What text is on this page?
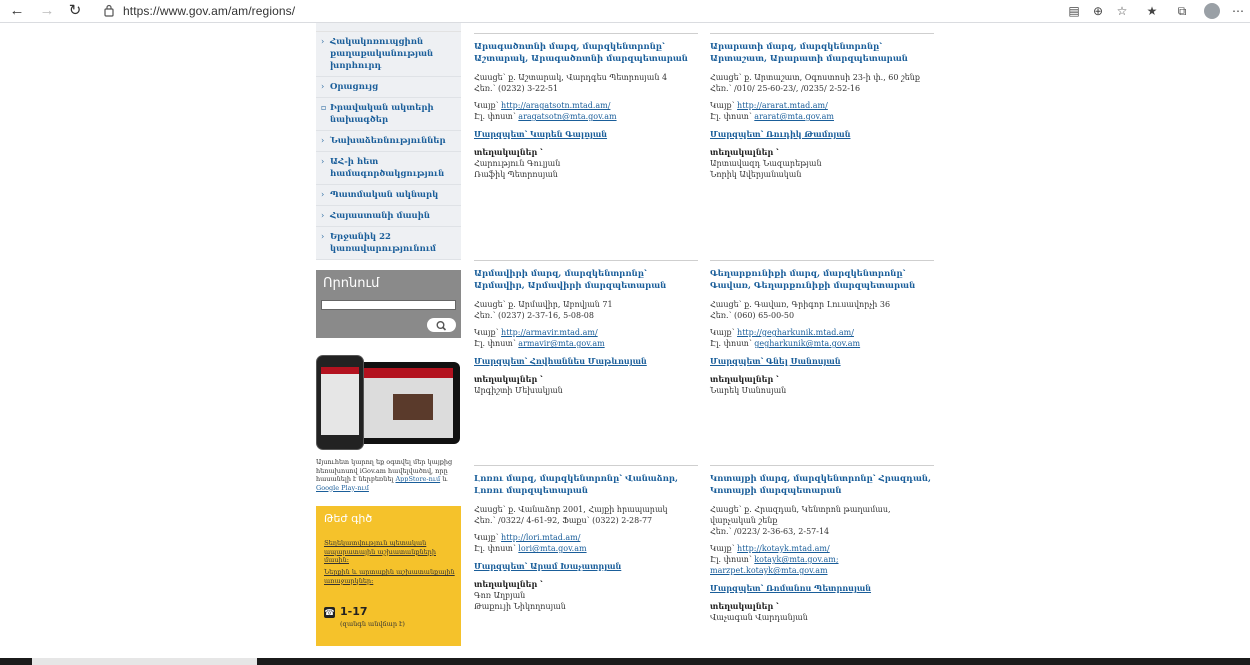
← → ↻	https://www.gov.am/am/regions/	▤ ⊕ ☆ ★	⧉	⋯
› Հակակոռուպցիոն քաղաքականության խորհուրդ
› Օրացույց
▫ Իրավական ակտերի նախագծեր
› Նախաձեռնություններ
› ԱՀ-ի հետ համագործակցություն
› Պատմական ակնարկ
› Հայաստանի մասին
› Երջանիկ 22 կառավարությունում
Որոնում
Այսուհետ կարող եք օգտվել մեր կայքից հեռախոսով iGov.am հավելվածով, որը հասանելի է ներբեռնել AppStore-ում և Google Play-ում
Թեժ գիծ
Տեղեկատվություն պետական ապարատային աշխատանքների մասին։
Ներքին և արտաքին աշխատանքային առաջարկներ։
☎ 1-17
(զանգն անվճար է)
Արագածոտնի մարզ, մարզկենտրոնը՝ Աշտարակ, Արագածոտնի մարզպետարան
Հասցե՝ ք. Աշտարակ, Վարդգես Պետրոսյան 4
Հեռ.՝ (0232) 3-22-51
Կայք՝ http://aragatsotn.mtad.am/
Էլ. փոստ՝ aragatsotn@mta.gov.am
Մարզպետ՝ Կարեն Գալոյան
տեղակալներ ՝
Հարություն Գուլյան
Ռաֆիկ Պետրոսյան
Արարատի մարզ, մարզկենտրոնը՝ Արտաշատ, Արարատի մարզպետարան
Հասցե՝ ք. Արտաշատ, Օգոստոսի 23-ի փ., 60 շենք
Հեռ.՝ /010/ 25-60-23/, /0235/ 2-52-16
Կայք՝ http://ararat.mtad.am/
Էլ. փոստ՝ ararat@mta.gov.am
Մարզպետ՝ Ռուդիկ Թամոյան
տեղակալներ ՝
Արտավազդ Նազարեթյան
Նորիկ Ավերյանական
Արմավիրի մարզ, մարզկենտրոնը՝ Արմավիր, Արմավիրի մարզպետարան
Հասցե՝ ք. Արմավիր, Աբովյան 71
Հեռ.՝ (0237) 2-37-16, 5-08-08
Կայք՝ http://armavir.mtad.am/
Էլ. փոստ՝ armavir@mta.gov.am
Մարզպետ՝ Հովհաննես Մաթևոսյան
տեղակալներ ՝
Արգիշտի Մեխակյան
Գեղարքունիքի մարզ, մարզկենտրոնը՝ Գավառ, Գեղարքունիքի մարզպետարան
Հասցե՝ ք. Գավառ, Գրիգոր Լուսավորչի 36
Հեռ.՝ (060) 65-00-50
Կայք՝ http://gegharkunik.mtad.am/
Էլ. փոստ՝ gegharkunik@mta.gov.am
Մարզպետ՝ Գնել Սանոսյան
տեղակալներ ՝
Նարեկ Սանոսյան
Լոռու մարզ, մարզկենտրոնը՝ Վանաձոր, Լոռու մարզպետարան
Հասցե՝ ք. Վանաձոր 2001, Հայքի հրապարակ
Հեռ.՝ /0322/ 4-61-92, Ֆաքս՝ (0322) 2-28-77
Կայք՝ http://lori.mtad.am/
Էլ. փոստ՝ lori@mta.gov.am
Մարզպետ՝ Արամ Խաչատրյան
տեղակալներ ՝
Գոռ Աղբյան
Թաքույի Նիկողոսյան
Կոտայքի մարզ, մարզկենտրոնը՝ Հրազդան, Կոտայքի մարզպետարան
Հասցե՝ ք. Հրազդան, Կենտրոն թաղամաս, վարչական շենք
Հեռ.՝ /0223/ 2-36-63, 2-57-14
Կայք՝ http://kotayk.mtad.am/
Էլ. փոստ՝ kotayk@mta.gov.am; marzpet.kotayk@mta.gov.am
Մարզպետ՝ Ռոմանոս Պետրոսյան
տեղակալներ ՝
Վաչագան Վարդանյան
